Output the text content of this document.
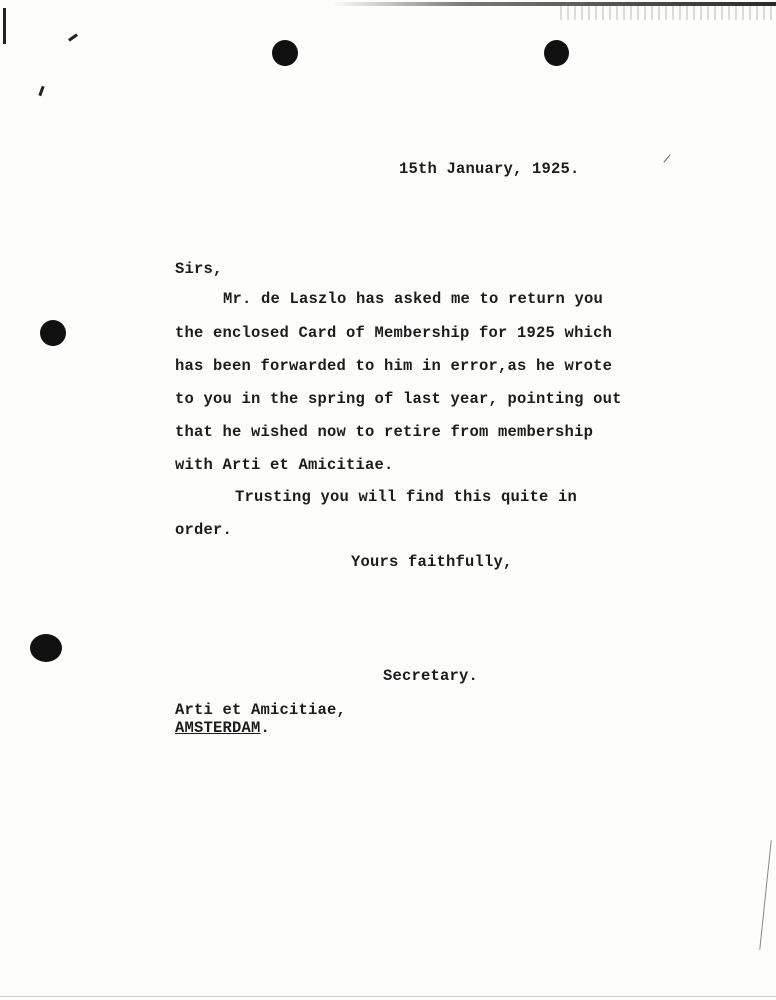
15th January, 1925.
Sirs,
Mr. de Laszlo has asked me to return you
the enclosed Card of Membership for 1925 which
has been forwarded to him in error,as he wrote
to you in the spring of last year, pointing out
that he wished now to retire from membership
with Arti et Amicitiae.
Trusting you will find this quite in
order.
Yours faithfully,
Secretary.
Arti et Amicitiae,
AMSTERDAM.
